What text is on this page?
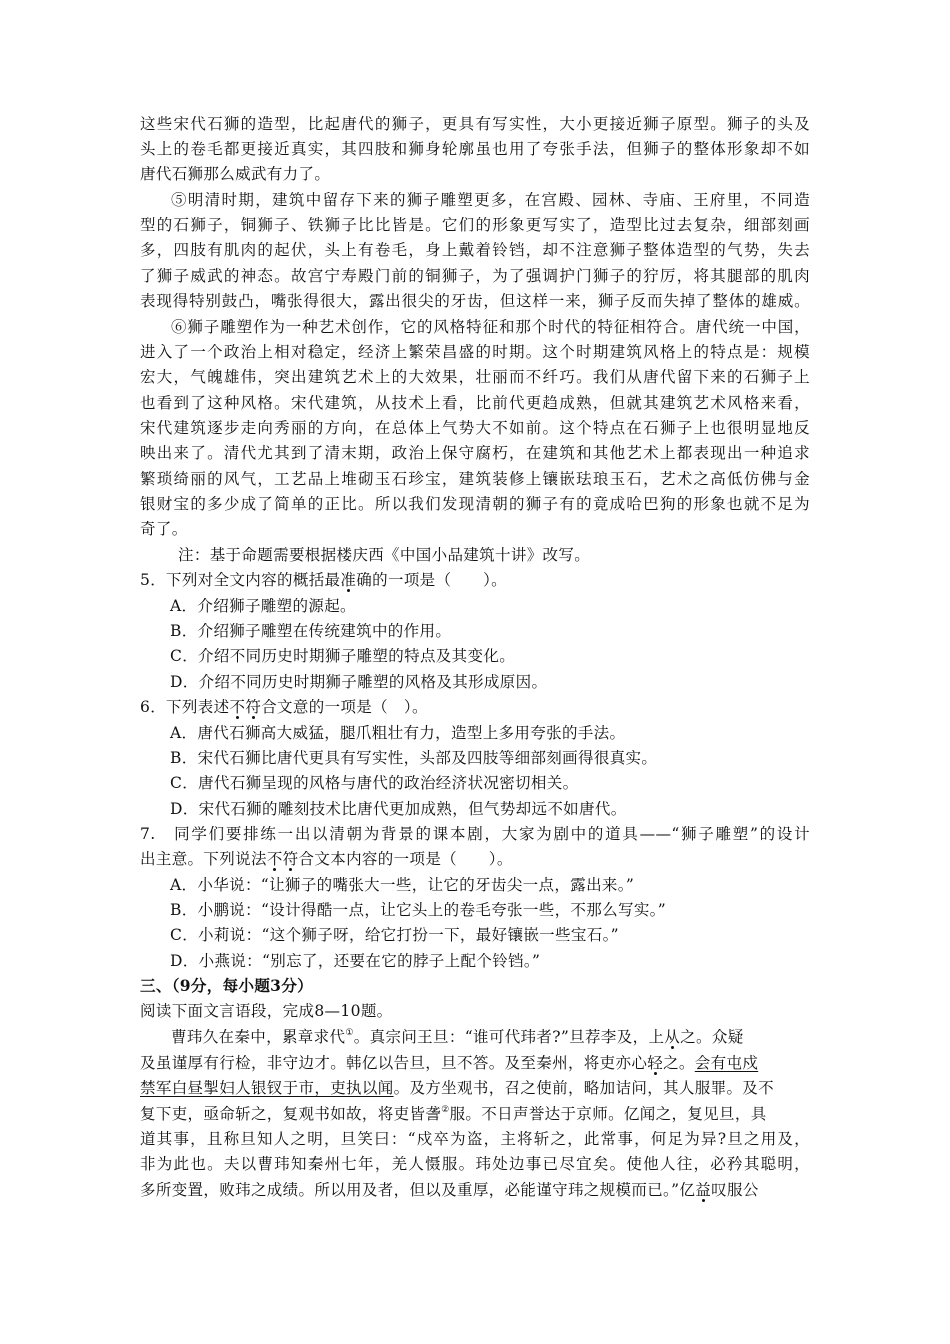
这些宋代石狮的造型，比起唐代的狮子，更具有写实性，大小更接近狮子原型。狮子的头及
头上的卷毛都更接近真实，其四肢和狮身轮廓虽也用了夸张手法，但狮子的整体形象却不如
唐代石狮那么威武有力了。
⑤明清时期，建筑中留存下来的狮子雕塑更多，在宫殿、园林、寺庙、王府里，不同造
型的石狮子，铜狮子、铁狮子比比皆是。它们的形象更写实了，造型比过去复杂，细部刻画
多，四肢有肌肉的起伏，头上有卷毛，身上戴着铃铛，却不注意狮子整体造型的气势，失去
了狮子威武的神态。故宫宁寿殿门前的铜狮子，为了强调护门狮子的狞厉，将其腿部的肌肉
表现得特别鼓凸，嘴张得很大，露出很尖的牙齿，但这样一来，狮子反而失掉了整体的雄威。
⑥狮子雕塑作为一种艺术创作，它的风格特征和那个时代的特征相符合。唐代统一中国，
进入了一个政治上相对稳定，经济上繁荣昌盛的时期。这个时期建筑风格上的特点是：规模
宏大，气魄雄伟，突出建筑艺术上的大效果，壮丽而不纤巧。我们从唐代留下来的石狮子上
也看到了这种风格。宋代建筑，从技术上看，比前代更趋成熟，但就其建筑艺术风格来看，
宋代建筑逐步走向秀丽的方向，在总体上气势大不如前。这个特点在石狮子上也很明显地反
映出来了。清代尤其到了清末期，政治上保守腐朽，在建筑和其他艺术上都表现出一种追求
繁琐绮丽的风气，工艺品上堆砌玉石珍宝，建筑装修上镶嵌珐琅玉石，艺术之高低仿佛与金
银财宝的多少成了简单的正比。所以我们发现清朝的狮子有的竟成哈巴狗的形象也就不足为
奇了。
注：基于命题需要根据楼庆西《中国小品建筑十讲》改写。
5．下列对全文内容的概括最准确的一项是（　　）。
A．介绍狮子雕塑的源起。
B．介绍狮子雕塑在传统建筑中的作用。
C．介绍不同历史时期狮子雕塑的特点及其变化。
D．介绍不同历史时期狮子雕塑的风格及其形成原因。
6．下列表述不符合文意的一项是（　）。
A．唐代石狮高大威猛，腿爪粗壮有力，造型上多用夸张的手法。
B．宋代石狮比唐代更具有写实性，头部及四肢等细部刻画得很真实。
C．唐代石狮呈现的风格与唐代的政治经济状况密切相关。
D．宋代石狮的雕刻技术比唐代更加成熟，但气势却远不如唐代。
7.　同学们要排练一出以清朝为背景的课本剧，大家为剧中的道具——“狮子雕塑”的设计
出主意。下列说法不符合文本内容的一项是（　　）。
A．小华说：“让狮子的嘴张大一些，让它的牙齿尖一点，露出来。”
B．小鹏说：“设计得酷一点，让它头上的卷毛夸张一些，不那么写实。”
C．小莉说：“这个狮子呀，给它打扮一下，最好镶嵌一些宝石。”
D．小燕说：“别忘了，还要在它的脖子上配个铃铛。”
三、（9分，每小题3分）
阅读下面文言语段，完成8—10题。
曹玮久在秦中，累章求代①。真宗问王旦：“谁可代玮者?”旦荐李及，上从之。众疑
及虽谨厚有行检，非守边才。韩亿以告旦，旦不答。及至秦州，将吏亦心轻之。会有屯戍
禁军白昼掣妇人银钗于市，吏执以闻。及方坐观书，召之使前，略加诘问，其人服罪。及不
复下吏，亟命斩之，复观书如故，将吏皆詟②服。不日声誉达于京师。亿闻之，复见旦，具
道其事，且称旦知人之明，旦笑曰：“戍卒为盗，主将斩之，此常事，何足为异?旦之用及，
非为此也。夫以曹玮知秦州七年，羌人慑服。玮处边事已尽宜矣。使他人往，必矜其聪明，
多所变置，败玮之成绩。所以用及者，但以及重厚，必能谨守玮之规模而已。”亿益叹服公
